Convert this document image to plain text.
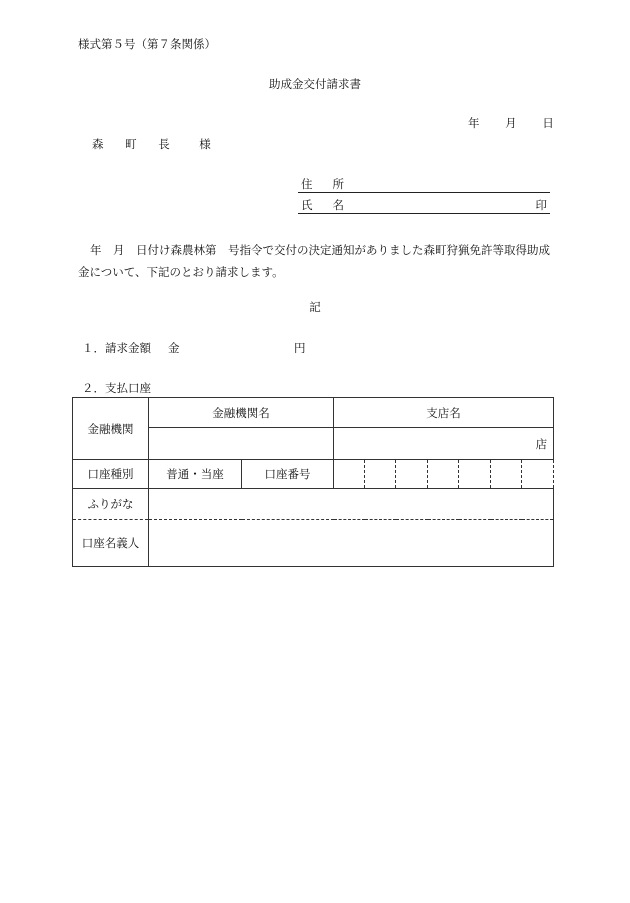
様式第５号（第７条関係）
助成金交付請求書
年 月 日
森 町 長　様
住所
氏名	印
年　月　日付け森農林第　号指令で交付の決定通知がありました森町狩猟免許等取得助成金について、下記のとおり請求します。
記
１．請求金額 金	円
２．支払口座
金融機関	金融機関名		支店名						
			店						
口座種別	普通・当座	口座番号							
ふりがな									
口座名義人									
